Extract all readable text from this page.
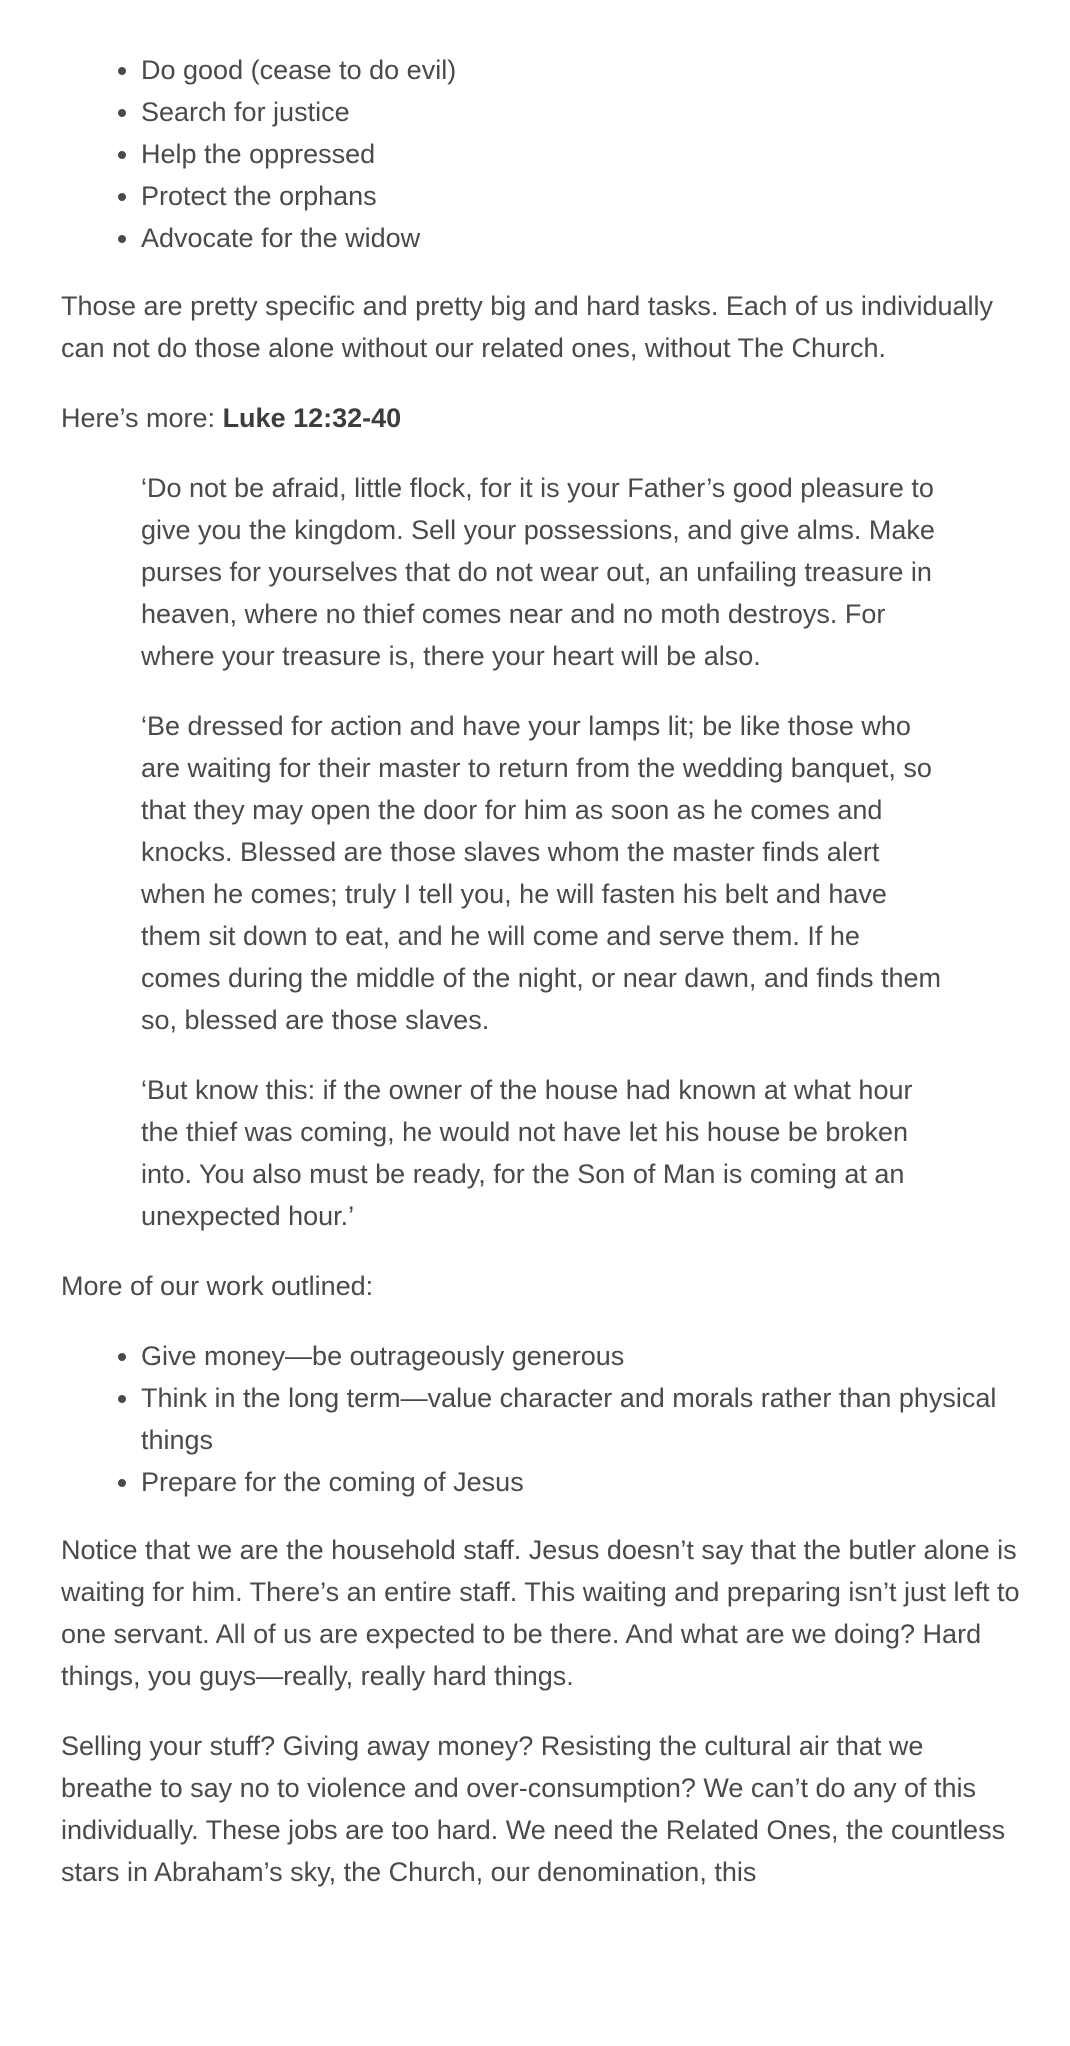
• Do good (cease to do evil)
• Search for justice
• Help the oppressed
• Protect the orphans
• Advocate for the widow

Those are pretty specific and pretty big and hard tasks. Each of us individually can not do those alone without our related ones, without The Church.

Here’s more: Luke 12:32-40

‘Do not be afraid, little flock, for it is your Father’s good pleasure to give you the kingdom. Sell your possessions, and give alms. Make purses for yourselves that do not wear out, an unfailing treasure in heaven, where no thief comes near and no moth destroys. For where your treasure is, there your heart will be also.

‘Be dressed for action and have your lamps lit; be like those who are waiting for their master to return from the wedding banquet, so that they may open the door for him as soon as he comes and knocks. Blessed are those slaves whom the master finds alert when he comes; truly I tell you, he will fasten his belt and have them sit down to eat, and he will come and serve them. If he comes during the middle of the night, or near dawn, and finds them so, blessed are those slaves.

‘But know this: if the owner of the house had known at what hour the thief was coming, he would not have let his house be broken into. You also must be ready, for the Son of Man is coming at an unexpected hour.’

More of our work outlined:

• Give money—be outrageously generous
• Think in the long term—value character and morals rather than physical things
• Prepare for the coming of Jesus

Notice that we are the household staff. Jesus doesn’t say that the butler alone is waiting for him. There’s an entire staff. This waiting and preparing isn’t just left to one servant. All of us are expected to be there. And what are we doing? Hard things, you guys—really, really hard things.

Selling your stuff? Giving away money? Resisting the cultural air that we breathe to say no to violence and over-consumption? We can’t do any of this individually. These jobs are too hard. We need the Related Ones, the countless stars in Abraham’s sky, the Church, our denomination, this
